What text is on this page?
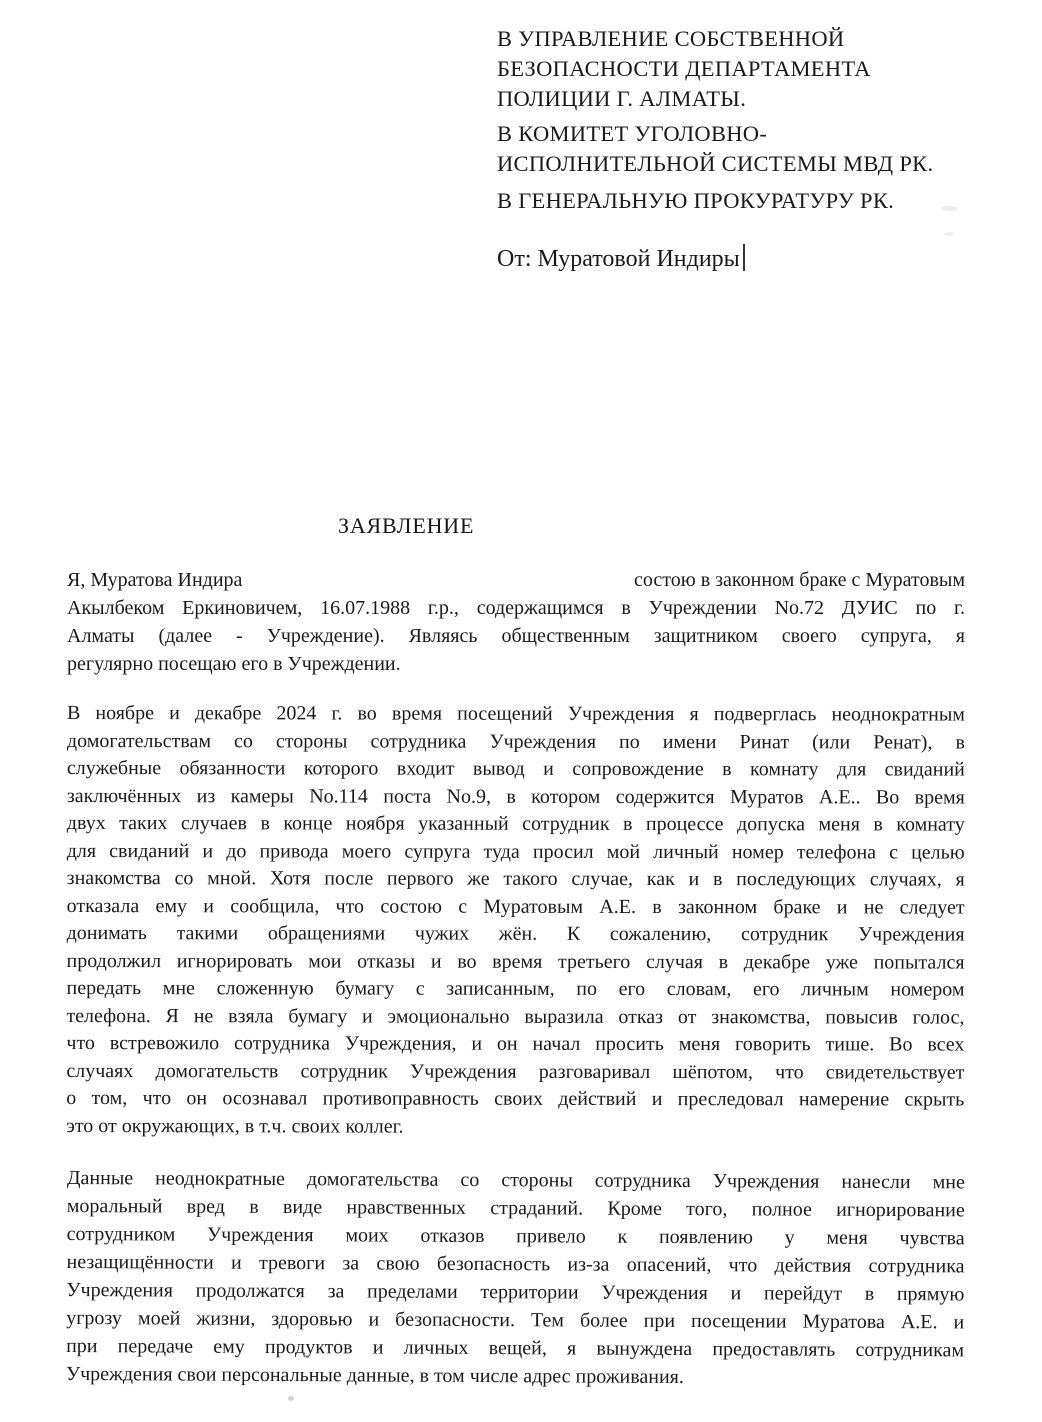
В УПРАВЛЕНИЕ СОБСТВЕННОЙ
БЕЗОПАСНОСТИ ДЕПАРТАМЕНТА
ПОЛИЦИИ Г. АЛМАТЫ.
В КОМИТЕТ УГОЛОВНО-
ИСПОЛНИТЕЛЬНОЙ СИСТЕМЫ МВД РК.
В ГЕНЕРАЛЬНУЮ ПРОКУРАТУРУ РК.
От: Муратовой Индиры
ЗАЯВЛЕНИЕ
Я, Муратова Индира	состою в законном браке с Муратовым
Акылбеком Еркиновичем, 16.07.1988 г.р., содержащимся в Учреждении No.72 ДУИС по г.
Алматы (далее - Учреждение). Являясь общественным защитником своего супруга, я
регулярно посещаю его в Учреждении.
В ноябре и декабре 2024 г. во время посещений Учреждения я подверглась неоднократным
домогательствам со стороны сотрудника Учреждения по имени Ринат (или Ренат), в
служебные обязанности которого входит вывод и сопровождение в комнату для свиданий
заключённых из камеры No.114 поста No.9, в котором содержится Муратов А.Е.. Во время
двух таких случаев в конце ноября указанный сотрудник в процессе допуска меня в комнату
для свиданий и до привода моего супруга туда просил мой личный номер телефона с целью
знакомства со мной. Хотя после первого же такого случае, как и в последующих случаях, я
отказала ему и сообщила, что состою с Муратовым А.Е. в законном браке и не следует
донимать такими обращениями чужих жён. К сожалению, сотрудник Учреждения
продолжил игнорировать мои отказы и во время третьего случая в декабре уже попытался
передать мне сложенную бумагу с записанным, по его словам, его личным номером
телефона. Я не взяла бумагу и эмоционально выразила отказ от знакомства, повысив голос,
что встревожило сотрудника Учреждения, и он начал просить меня говорить тише. Во всех
случаях домогательств сотрудник Учреждения разговаривал шёпотом, что свидетельствует
о том, что он осознавал противоправность своих действий и преследовал намерение скрыть
это от окружающих, в т.ч. своих коллег.
Данные неоднократные домогательства со стороны сотрудника Учреждения нанесли мне
моральный вред в виде нравственных страданий. Кроме того, полное игнорирование
сотрудником Учреждения моих отказов привело к появлению у меня чувства
незащищённости и тревоги за свою безопасность из-за опасений, что действия сотрудника
Учреждения продолжатся за пределами территории Учреждения и перейдут в прямую
угрозу моей жизни, здоровью и безопасности. Тем более при посещении Муратова А.Е. и
при передаче ему продуктов и личных вещей, я вынуждена предоставлять сотрудникам
Учреждения свои персональные данные, в том числе адрес проживания.
